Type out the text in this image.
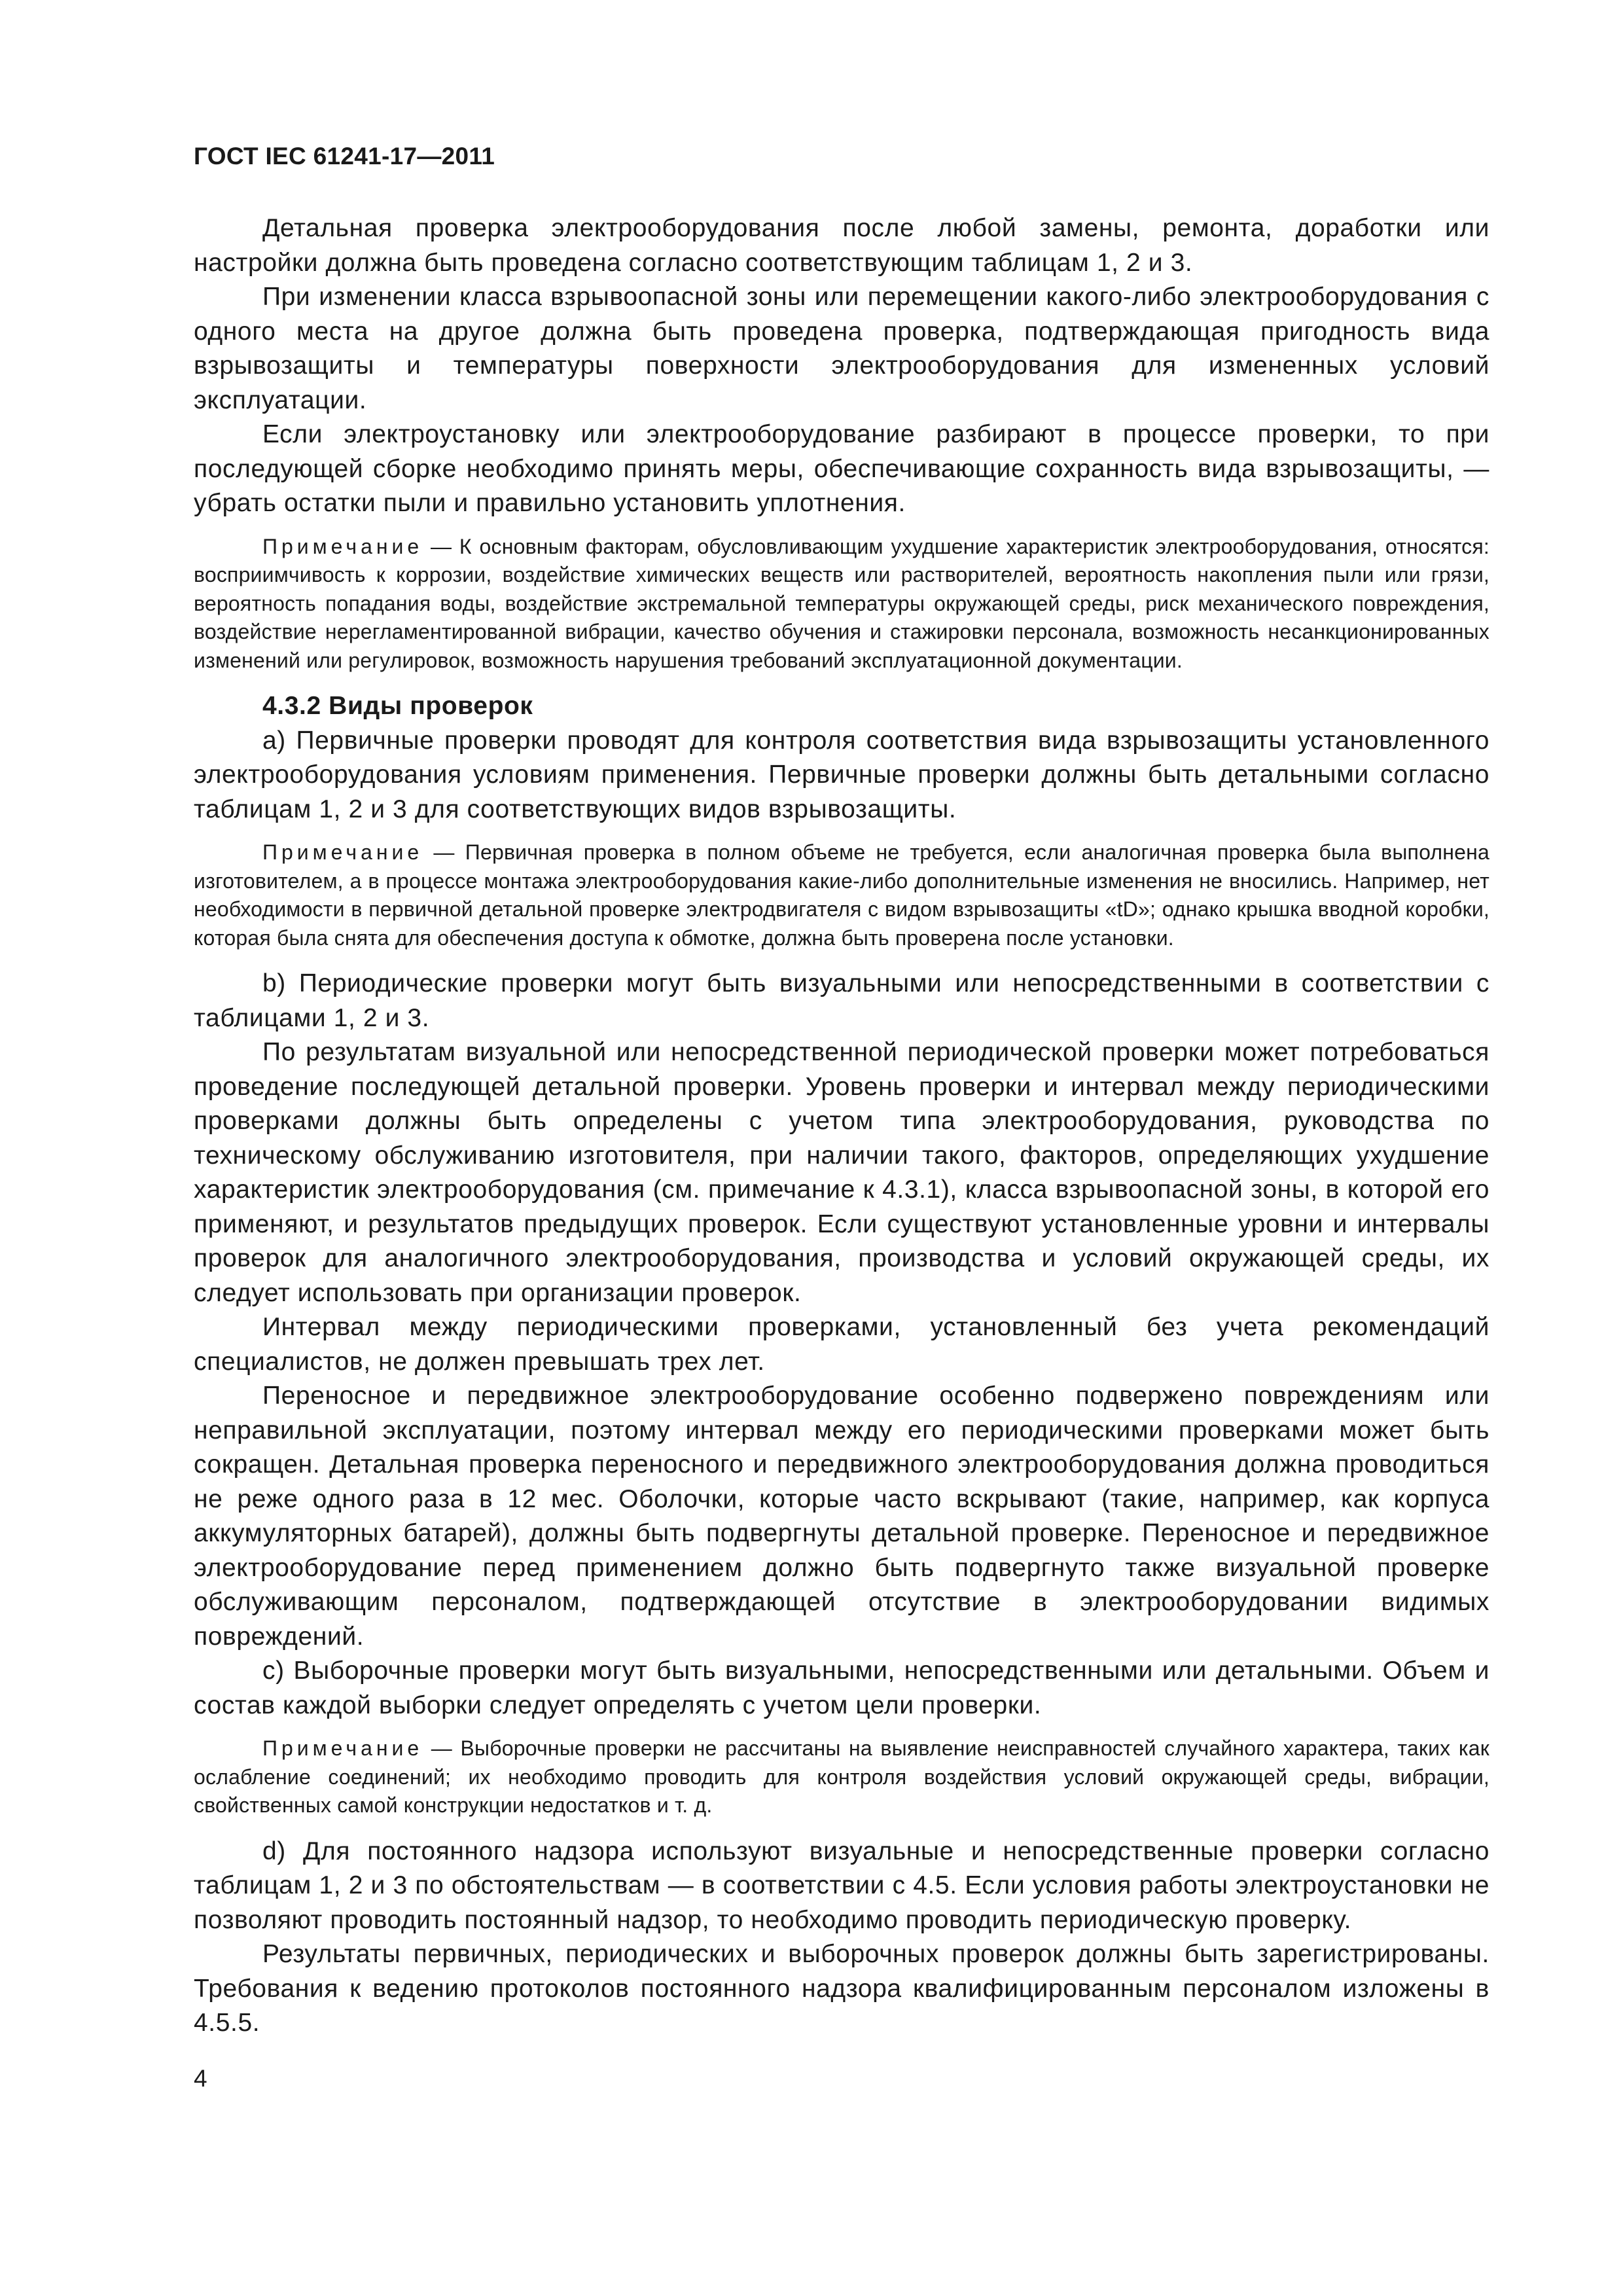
ГОСТ IEC 61241-17—2011

Детальная проверка электрооборудования после любой замены, ремонта, доработки или настройки должна быть проведена согласно соответствующим таблицам 1, 2 и 3.

При изменении класса взрывоопасной зоны или перемещении какого-либо электрооборудования с одного места на другое должна быть проведена проверка, подтверждающая пригодность вида взрывозащиты и температуры поверхности электрооборудования для измененных условий эксплуатации.

Если электроустановку или электрооборудование разбирают в процессе проверки, то при последующей сборке необходимо принять меры, обеспечивающие сохранность вида взрывозащиты, — убрать остатки пыли и правильно установить уплотнения.

Примечание — К основным факторам, обусловливающим ухудшение характеристик электрооборудования, относятся: восприимчивость к коррозии, воздействие химических веществ или растворителей, вероятность накопления пыли или грязи, вероятность попадания воды, воздействие экстремальной температуры окружающей среды, риск механического повреждения, воздействие нерегламентированной вибрации, качество обучения и стажировки персонала, возможность несанкционированных изменений или регулировок, возможность нарушения требований эксплуатационной документации.

4.3.2 Виды проверок

а) Первичные проверки проводят для контроля соответствия вида взрывозащиты установленного электрооборудования условиям применения. Первичные проверки должны быть детальными согласно таблицам 1, 2 и 3 для соответствующих видов взрывозащиты.

Примечание — Первичная проверка в полном объеме не требуется, если аналогичная проверка была выполнена изготовителем, а в процессе монтажа электрооборудования какие-либо дополнительные изменения не вносились. Например, нет необходимости в первичной детальной проверке электродвигателя с видом взрывозащиты «tD»; однако крышка вводной коробки, которая была снята для обеспечения доступа к обмотке, должна быть проверена после установки.

b) Периодические проверки могут быть визуальными или непосредственными в соответствии с таблицами 1, 2 и 3.

По результатам визуальной или непосредственной периодической проверки может потребоваться проведение последующей детальной проверки. Уровень проверки и интервал между периодическими проверками должны быть определены с учетом типа электрооборудования, руководства по техническому обслуживанию изготовителя, при наличии такого, факторов, определяющих ухудшение характеристик электрооборудования (см. примечание к 4.3.1), класса взрывоопасной зоны, в которой его применяют, и результатов предыдущих проверок. Если существуют установленные уровни и интервалы проверок для аналогичного электрооборудования, производства и условий окружающей среды, их следует использовать при организации проверок.

Интервал между периодическими проверками, установленный без учета рекомендаций специалистов, не должен превышать трех лет.

Переносное и передвижное электрооборудование особенно подвержено повреждениям или неправильной эксплуатации, поэтому интервал между его периодическими проверками может быть сокращен. Детальная проверка переносного и передвижного электрооборудования должна проводиться не реже одного раза в 12 мес. Оболочки, которые часто вскрывают (такие, например, как корпуса аккумуляторных батарей), должны быть подвергнуты детальной проверке. Переносное и передвижное электрооборудование перед применением должно быть подвергнуто также визуальной проверке обслуживающим персоналом, подтверждающей отсутствие в электрооборудовании видимых повреждений.

с) Выборочные проверки могут быть визуальными, непосредственными или детальными. Объем и состав каждой выборки следует определять с учетом цели проверки.

Примечание — Выборочные проверки не рассчитаны на выявление неисправностей случайного характера, таких как ослабление соединений; их необходимо проводить для контроля воздействия условий окружающей среды, вибрации, свойственных самой конструкции недостатков и т. д.

d) Для постоянного надзора используют визуальные и непосредственные проверки согласно таблицам 1, 2 и 3 по обстоятельствам — в соответствии с 4.5. Если условия работы электроустановки не позволяют проводить постоянный надзор, то необходимо проводить периодическую проверку.

Результаты первичных, периодических и выборочных проверок должны быть зарегистрированы. Требования к ведению протоколов постоянного надзора квалифицированным персоналом изложены в 4.5.5.

4
